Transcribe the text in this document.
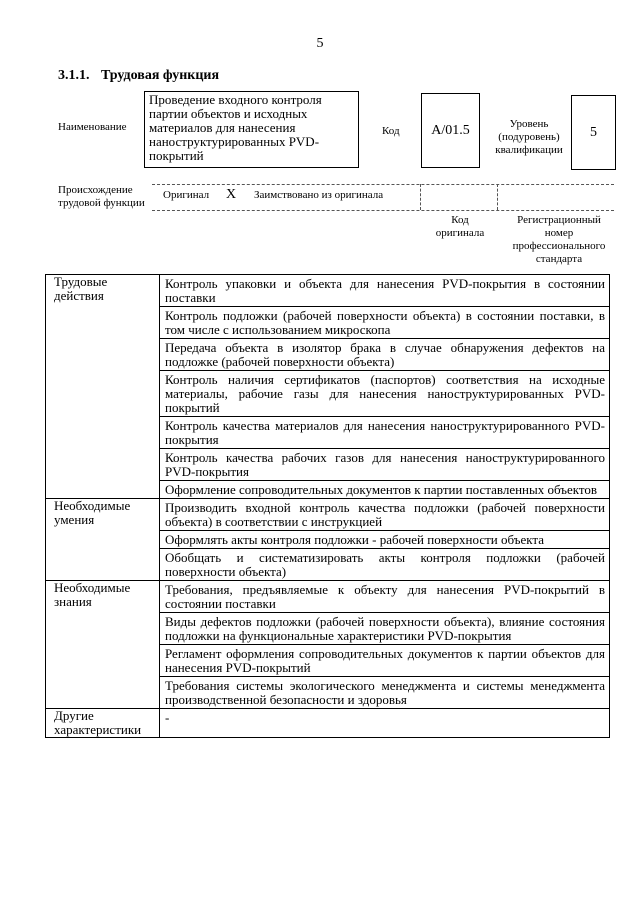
5
3.1.1. Трудовая функция
Наименование
Проведение входного контроля партии объектов и исходных материалов для нанесения наноструктурированных PVD-покрытий
Код	А/01.5	Уровень (подуровень) квалификации
5
Происхождение трудовой функции
Оригинал X Заимствовано из оригинала
Код оригинала
Регистрационный номер профессионального стандарта
Трудовые действия	Контроль упаковки и объекта для нанесения PVD-покрытия в состоянии поставки
	Контроль подложки (рабочей поверхности объекта) в состоянии поставки, в том числе с использованием микроскопа
	Передача объекта в изолятор брака в случае обнаружения дефектов на подложке (рабочей поверхности объекта)
	Контроль наличия сертификатов (паспортов) соответствия на исходные материалы, рабочие газы для нанесения наноструктурированных PVD-покрытий
	Контроль качества материалов для нанесения наноструктурированного PVD-покрытия
	Контроль качества рабочих газов для нанесения наноструктурированного PVD-покрытия
	Оформление сопроводительных документов к партии поставленных объектов
Необходимые умения	Производить входной контроль качества подложки (рабочей поверхности объекта) в соответствии с инструкцией
	Оформлять акты контроля подложки - рабочей поверхности объекта
	Обобщать и систематизировать акты контроля подложки (рабочей поверхности объекта)
Необходимые знания	Требования, предъявляемые к объекту для нанесения PVD-покрытий в состоянии поставки
	Виды дефектов подложки (рабочей поверхности объекта), влияние состояния подложки на функциональные характеристики PVD-покрытия
	Регламент оформления сопроводительных документов к партии объектов для нанесения PVD-покрытий
	Требования системы экологического менеджмента и системы менеджмента производственной безопасности и здоровья
Другие характеристики	-
